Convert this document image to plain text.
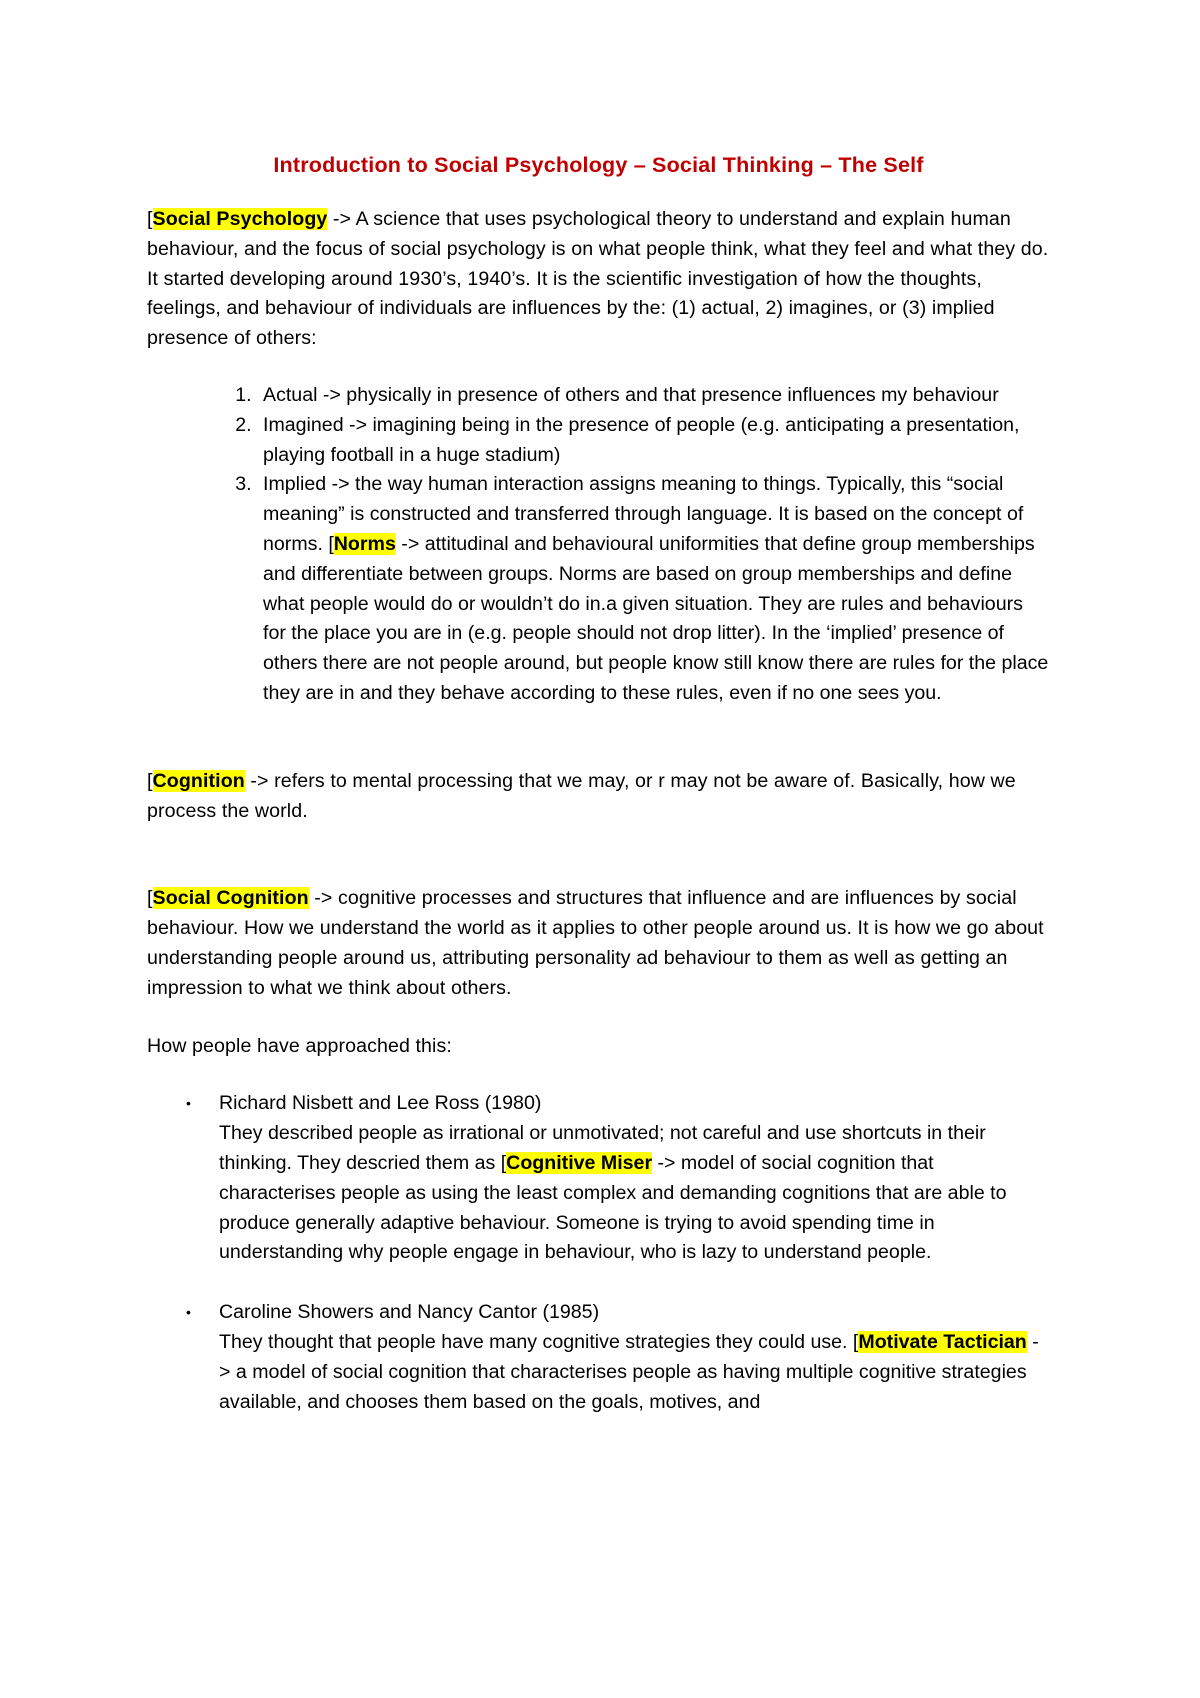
Introduction to Social Psychology – Social Thinking – The Self

[Social Psychology -> A science that uses psychological theory to understand and explain human behaviour, and the focus of social psychology is on what people think, what they feel and what they do. It started developing around 1930’s, 1940’s. It is the scientific investigation of how the thoughts, feelings, and behaviour of individuals are influences by the: (1) actual, 2) imagines, or (3) implied presence of others:

1. Actual -> physically in presence of others and that presence influences my behaviour
2. Imagined -> imagining being in the presence of people (e.g. anticipating a presentation, playing football in a huge stadium)
3. Implied -> the way human interaction assigns meaning to things. Typically, this “social meaning” is constructed and transferred through language. It is based on the concept of norms. [Norms -> attitudinal and behavioural uniformities that define group memberships and differentiate between groups. Norms are based on group memberships and define what people would do or wouldn’t do in.a given situation. They are rules and behaviours for the place you are in (e.g. people should not drop litter). In the ‘implied’ presence of others there are not people around, but people know still know there are rules for the place they are in and they behave according to these rules, even if no one sees you.

[Cognition -> refers to mental processing that we may, or r may not be aware of. Basically, how we process the world.

[Social Cognition -> cognitive processes and structures that influence and are influences by social behaviour. How we understand the world as it applies to other people around us. It is how we go about understanding people around us, attributing personality ad behaviour to them as well as getting an impression to what we think about others.

How people have approached this:

• Richard Nisbett and Lee Ross (1980)
They described people as irrational or unmotivated; not careful and use shortcuts in their thinking. They descried them as [Cognitive Miser -> model of social cognition that characterises people as using the least complex and demanding cognitions that are able to produce generally adaptive behaviour. Someone is trying to avoid spending time in understanding why people engage in behaviour, who is lazy to understand people.
• Caroline Showers and Nancy Cantor (1985)
They thought that people have many cognitive strategies they could use. [Motivate Tactician -> a model of social cognition that characterises people as having multiple cognitive strategies available, and chooses them based on the goals, motives, and
